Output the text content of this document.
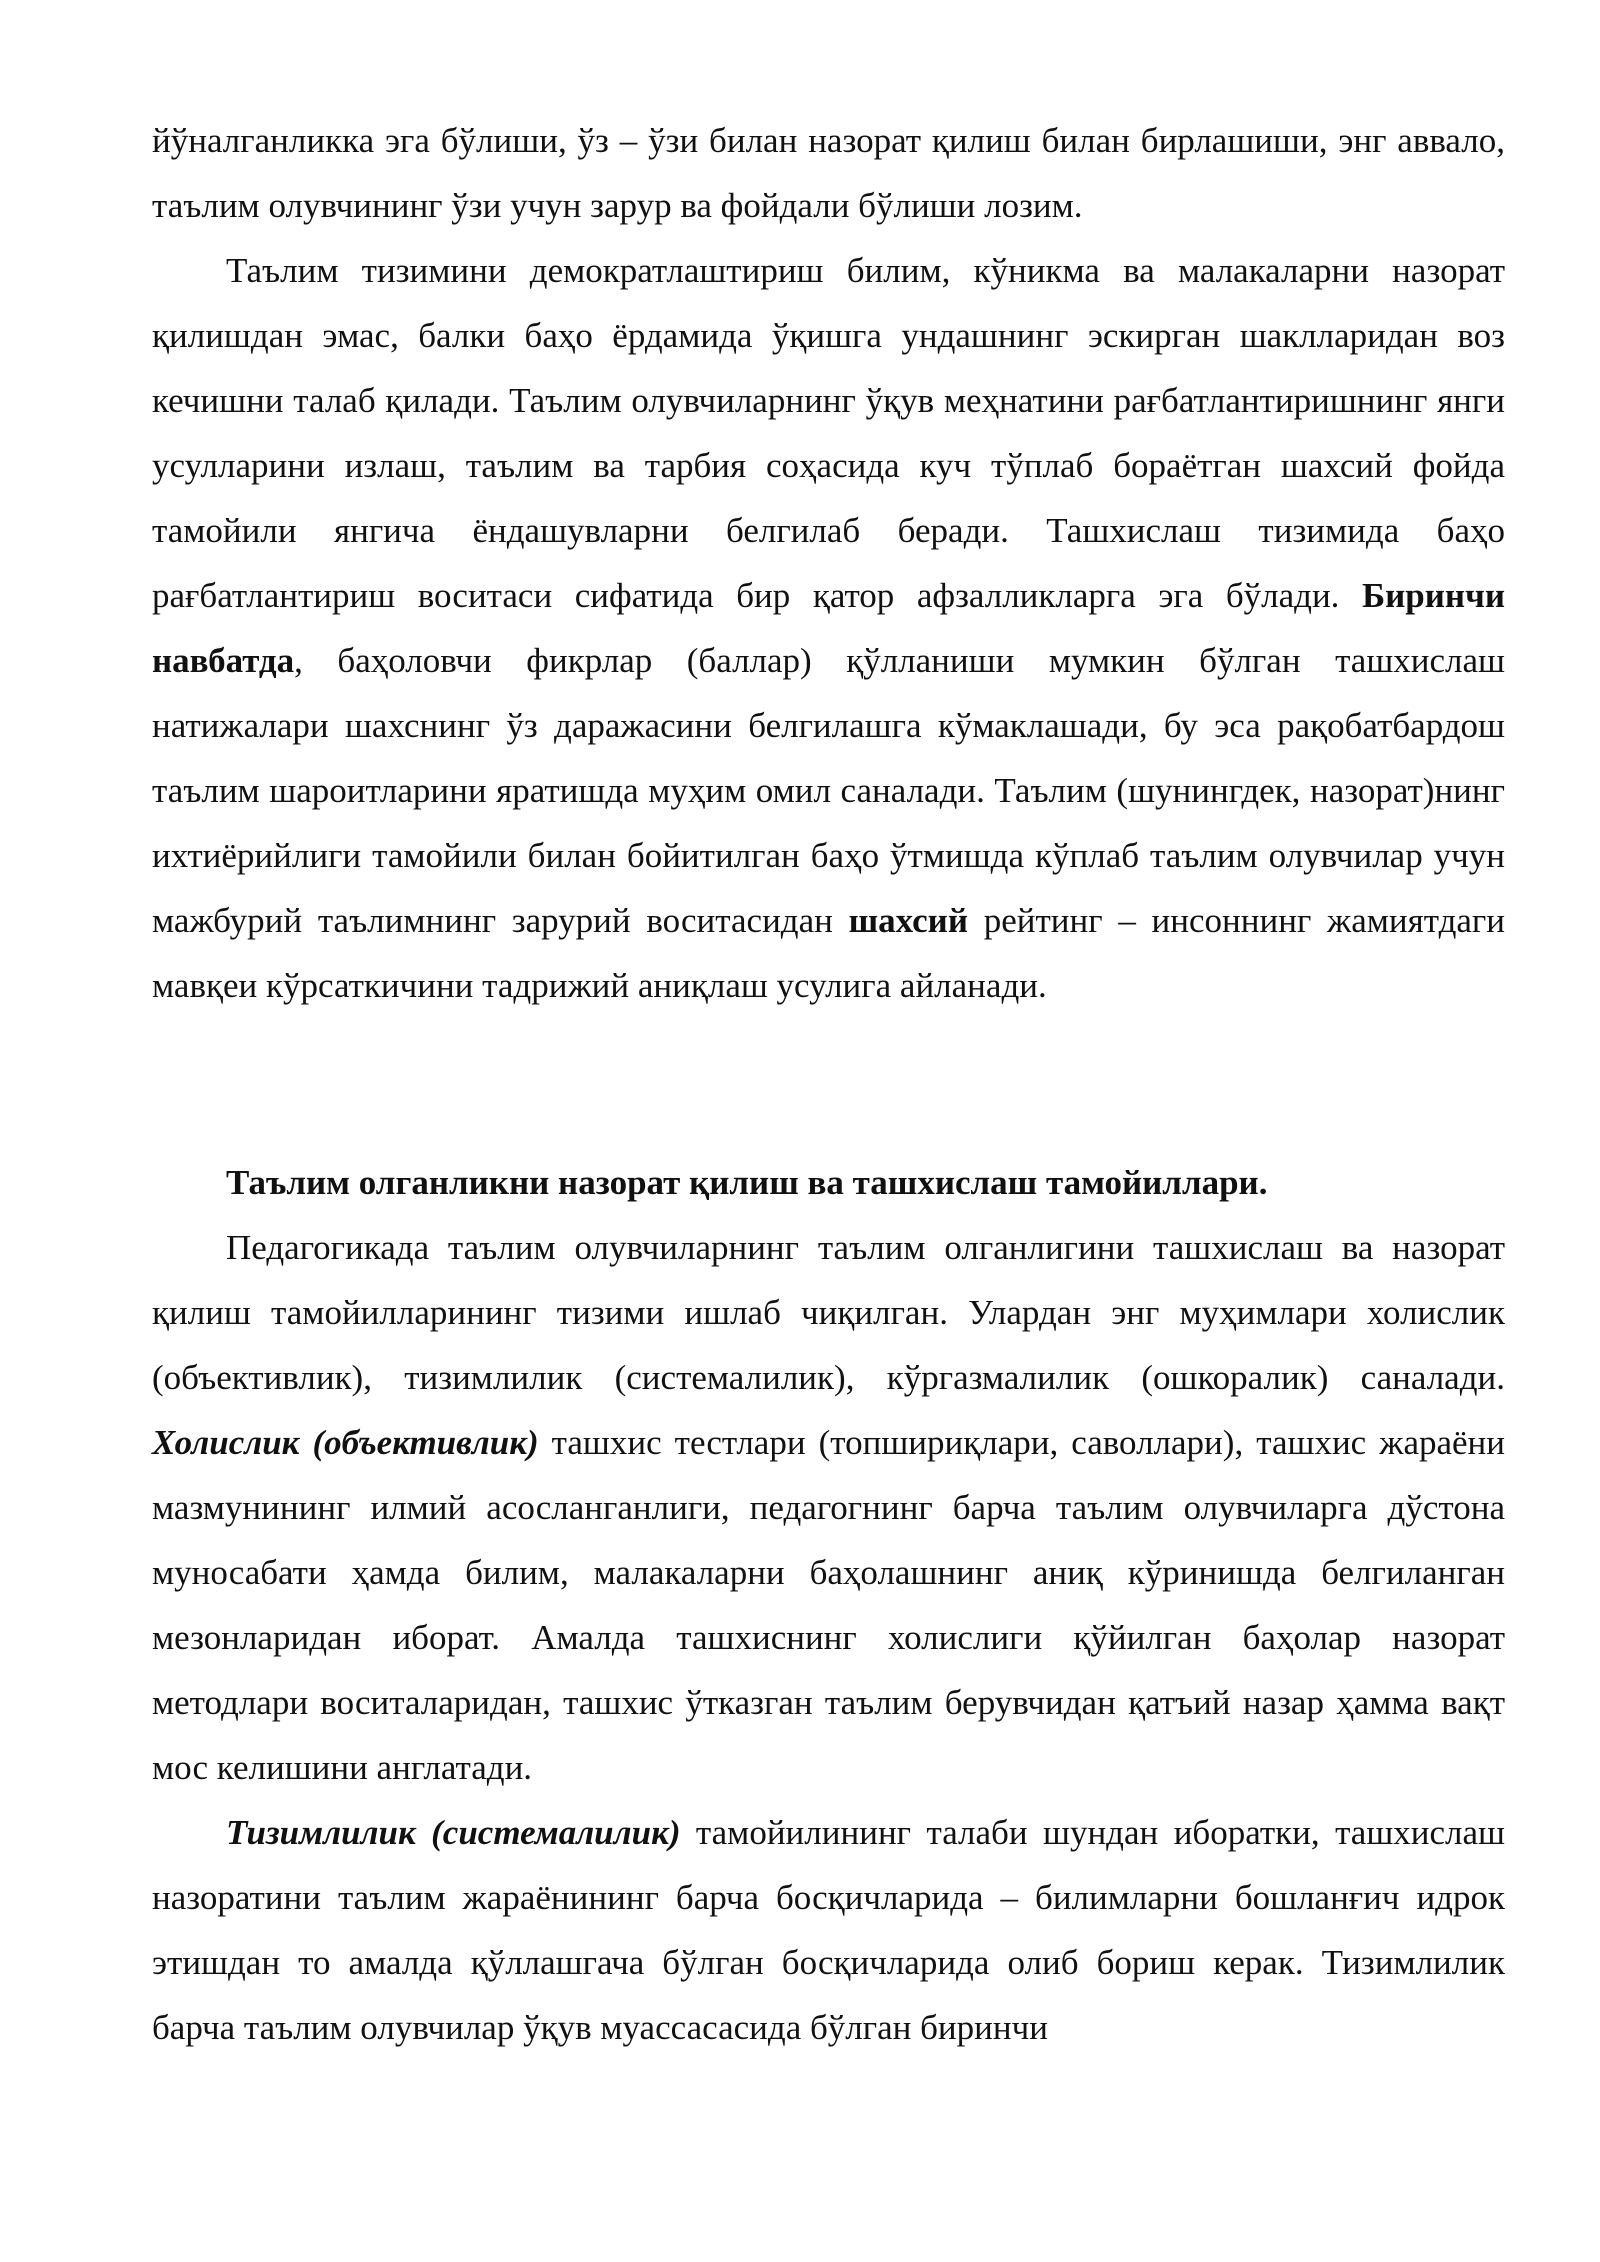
йўналганликка эга бўлиши, ўз – ўзи билан назорат қилиш билан бирлашиши, энг аввало, таълим олувчининг ўзи учун зарур ва фойдали бўлиши лозим.

Таълим тизимини демократлаштириш билим, кўникма ва малакаларни назорат қилишдан эмас, балки баҳо ёрдамида ўқишга ундашнинг эскирган шаклларидан воз кечишни талаб қилади. Таълим олувчиларнинг ўқув меҳнатини рағбатлантиришнинг янги усулларини излаш, таълим ва тарбия соҳасида куч тўплаб бораётган шахсий фойда тамойили янгича ёндашувларни белгилаб беради. Ташхислаш тизимида баҳо рағбатлантириш воситаси сифатида бир қатор афзалликларга эга бўлади. Биринчи навбатда, баҳоловчи фикрлар (баллар) қўлланиши мумкин бўлган ташхислаш натижалари шахснинг ўз даражасини белгилашга кўмаклашади, бу эса рақобатбардош таълим шароитларини яратишда муҳим омил саналади. Таълим (шунингдек, назорат)нинг ихтиёрийлиги тамойили билан бойитилган баҳо ўтмишда кўплаб таълим олувчилар учун мажбурий таълимнинг зарурий воситасидан шахсий рейтинг – инсоннинг жамиятдаги мавқеи кўрсаткичини тадрижий аниқлаш усулига айланади.

Таълим олганликни назорат қилиш ва ташхислаш тамойиллари.

Педагогикада таълим олувчиларнинг таълим олганлигини ташхислаш ва назорат қилиш тамойилларининг тизими ишлаб чиқилган. Улардан энг муҳимлари холислик (объективлик), тизимлилик (системалилик), кўргазмалилик (ошкоралик) саналади. Холислик (объективлик) ташхис тестлари (топшириқлари, саволлари), ташхис жараёни мазмунининг илмий асосланганлиги, педагогнинг барча таълим олувчиларга дўстона муносабати ҳамда билим, малакаларни баҳолашнинг аниқ кўринишда белгиланган мезонларидан иборат. Амалда ташхиснинг холислиги қўйилган баҳолар назорат методлари воситаларидан, ташхис ўтказган таълим берувчидан қатъий назар ҳамма вақт мос келишини англатади.

Тизимлилик (системалилик) тамойилининг талаби шундан иборатки, ташхислаш назоратини таълим жараёнининг барча босқичларида – билимларни бошланғич идрок этишдан то амалда қўллашгача бўлган босқичларида олиб бориш керак. Тизимлилик барча таълим олувчилар ўқув муассасасида бўлган биринчи
